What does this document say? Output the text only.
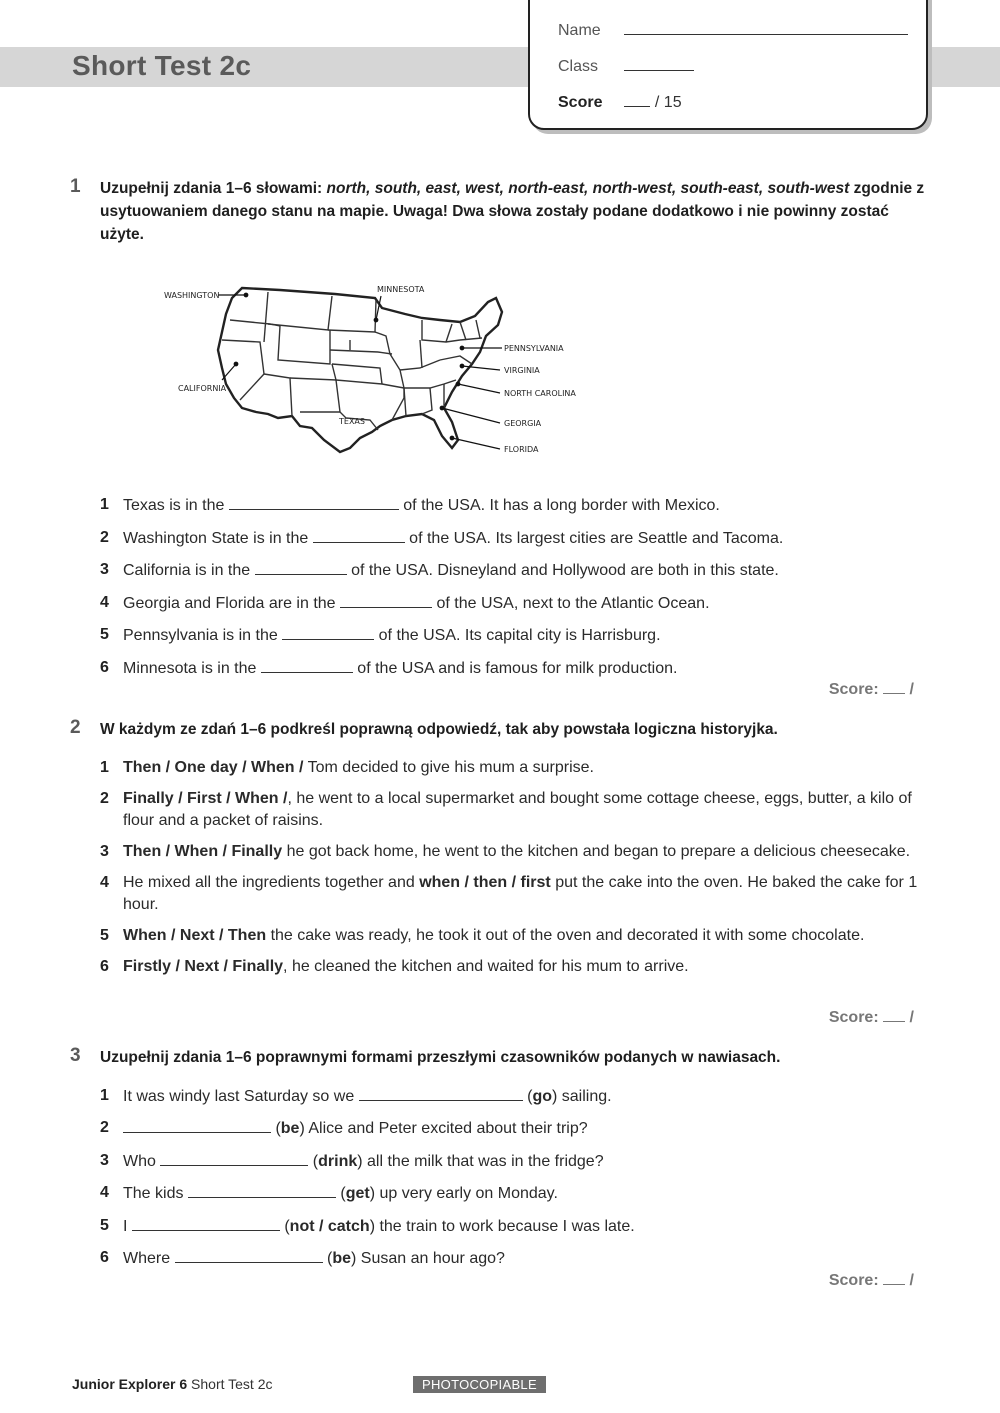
Short Test 2c
Name
Class
Score	/ 15
1 Uzupełnij zdania 1–6 słowami: north, south, east, west, north-east, north-west, south-east, south-west zgodnie z usytuowaniem danego stanu na mapie. Uwaga! Dwa słowa zostały podane dodatkowo i nie powinny zostać użyte.
WASHINGTON
MINNESOTA
CALIFORNIA
TEXAS
PENNSYLVANIA
VIRGINIA
NORTH CAROLINA
GEORGIA
FLORIDA
1 Texas is in the	of the USA. It has a long border with Mexico.
2 Washington State is in the	of the USA. Its largest cities are Seattle and Tacoma.
3 California is in the	of the USA. Disneyland and Hollywood are both in this state.
4 Georgia and Florida are in the	of the USA, next to the Atlantic Ocean.
5 Pennsylvania is in the	of the USA. Its capital city is Harrisburg.
6 Minnesota is in the	of the USA and is famous for milk production.
Score: /
2 W każdym ze zdań 1–6 podkreśl poprawną odpowiedź, tak aby powstała logiczna historyjka.
1 Then / One day / When / Tom decided to give his mum a surprise.
2 Finally / First / When /, he went to a local supermarket and bought some cottage cheese, eggs, butter, a kilo of flour and a packet of raisins.
3 Then / When / Finally he got back home, he went to the kitchen and began to prepare a delicious cheesecake.
4 He mixed all the ingredients together and when / then / first put the cake into the oven. He baked the cake for 1 hour.
5 When / Next / Then the cake was ready, he took it out of the oven and decorated it with some chocolate.
6 Firstly / Next / Finally, he cleaned the kitchen and waited for his mum to arrive.
Score: /
3 Uzupełnij zdania 1–6 poprawnymi formami przeszłymi czasowników podanych w nawiasach.
1 It was windy last Saturday so we	(go) sailing.
2	(be) Alice and Peter excited about their trip?
3 Who	(drink) all the milk that was in the fridge?
4 The kids	(get) up very early on Monday.
5 I	(not / catch) the train to work because I was late.
6 Where	(be) Susan an hour ago?
Score: /
Junior Explorer 6 Short Test 2c	PHOTOCOPIABLE
